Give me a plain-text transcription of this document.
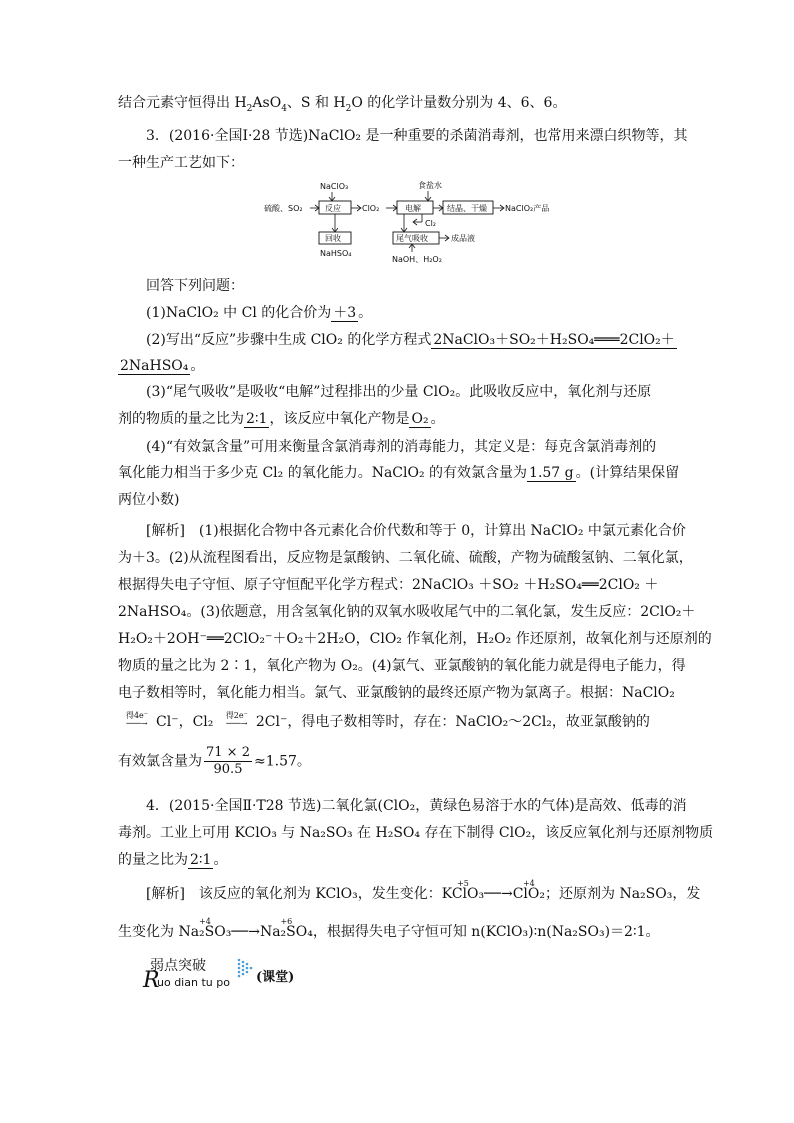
结合元素守恒得出 $H_2AsO_4$、S 和 $H_2O$ 的化学计量数分别为 4、6、6。
3．(2016·全国Ⅰ·28 节选)NaClO₂ 是一种重要的杀菌消毒剂，也常用来漂白织物等，其
一种生产工艺如下：
NaClO₃	食盐水
硫酸、SO₂	反应	ClO₂	电解	结晶、干燥 NaClO₂产品
回收
NaHSO₄
Cl₂
尾气吸收	成品液
NaOH、H₂O₂
回答下列问题：
(1)NaClO₂ 中 Cl 的化合价为 ＋3 。
(2)写出“反应”步骤中生成 ClO₂ 的化学方程式 2NaClO₃＋SO₂＋H₂SO₄═══2ClO₂＋
2NaHSO₄ 。
(3)“尾气吸收”是吸收“电解”过程排出的少量 ClO₂。此吸收反应中，氧化剂与还原
剂的物质的量之比为 2∶1 ，该反应中氧化产物是 O₂ 。
(4)“有效氯含量”可用来衡量含氯消毒剂的消毒能力，其定义是：每克含氯消毒剂的
氧化能力相当于多少克 Cl₂ 的氧化能力。NaClO₂ 的有效氯含量为 1.57 g 。(计算结果保留
两位小数)
[解析]　(1)根据化合物中各元素化合价代数和等于 0，计算出 NaClO₂ 中氯元素化合价
为＋3。(2)从流程图看出，反应物是氯酸钠、二氧化硫、硫酸，产物为硫酸氢钠、二氧化氯，
根据得失电子守恒、原子守恒配平化学方程式：2NaClO₃ ＋SO₂ ＋H₂SO₄══2ClO₂ ＋
2NaHSO₄。(3)依题意，用含氢氧化钠的双氧水吸收尾气中的二氧化氯，发生反应：2ClO₂＋
H₂O₂＋2OH⁻══2ClO₂⁻＋O₂＋2H₂O，ClO₂ 作氧化剂，H₂O₂ 作还原剂，故氧化剂与还原剂的
物质的量之比为 2∶1，氧化产物为 O₂。(4)氯气、亚氯酸钠的氧化能力就是得电子能力，得
电子数相等时，氧化能力相当。氯气、亚氯酸钠的最终还原产物为氯离子。根据：NaClO₂
得4e⁻
───→ Cl⁻，Cl₂	得2e⁻
───→ 2Cl⁻，得电子数相等时，存在：NaClO₂～2Cl₂，故亚氯酸钠的
有效氯含量为 $\frac{71 \times 2}{90.5} \approx 1.57$。
4．(2015·全国Ⅱ·T28 节选)二氧化氯(ClO₂，黄绿色易溶于水的气体)是高效、低毒的消
毒剂。工业上可用 KClO₃ 与 Na₂SO₃ 在 H₂SO₄ 存在下制得 ClO₂，该反应氧化剂与还原剂物质
的量之比为 2∶1 。
[解析]　该反应的氧化剂为 KClO₃，发生变化：
+5
KClO₃──→
+4
ClO₂；还原剂为 Na₂SO₃，发
生变化为
+4
Na₂SO₃──→
+6
Na₂SO₄，根据得失电子守恒可知 n(KClO₃)∶n(Na₂SO₃)＝2∶1。
弱点突破
R
uo dian tu po (课堂)
